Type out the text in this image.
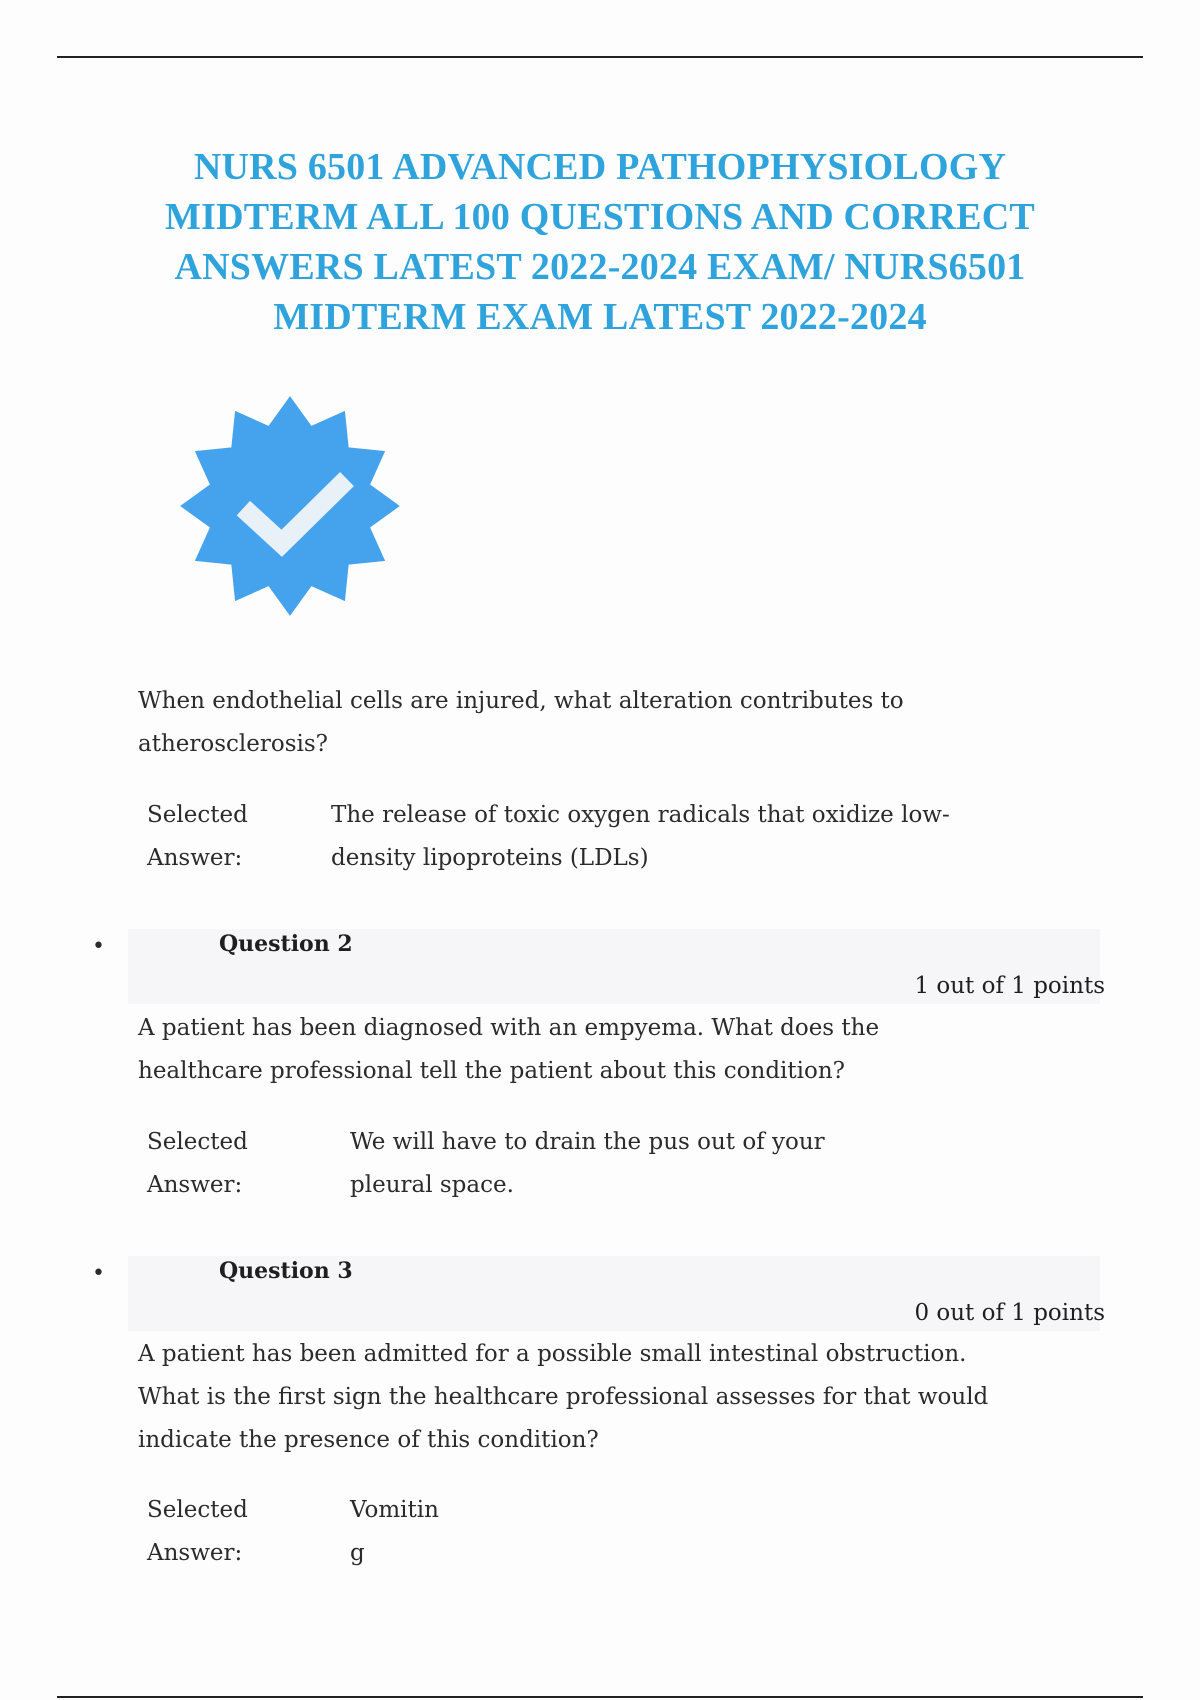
NURS 6501 ADVANCED PATHOPHYSIOLOGY
MIDTERM ALL 100 QUESTIONS AND CORRECT
ANSWERS LATEST 2022-2024 EXAM/ NURS6501
MIDTERM EXAM LATEST 2022-2024

When endothelial cells are injured, what alteration contributes to
atherosclerosis?

Selected
Answer:
The release of toxic oxygen radicals that oxidize low-
density lipoproteins (LDLs)
•	Question 2
1 out of 1 points

A patient has been diagnosed with an empyema. What does the
healthcare professional tell the patient about this condition?

Selected
Answer:
We will have to drain the pus out of your
pleural space.
•	Question 3
0 out of 1 points

A patient has been admitted for a possible small intestinal obstruction.
What is the first sign the healthcare professional assesses for that would
indicate the presence of this condition?

Selected
Answer:
Vomitin
g
